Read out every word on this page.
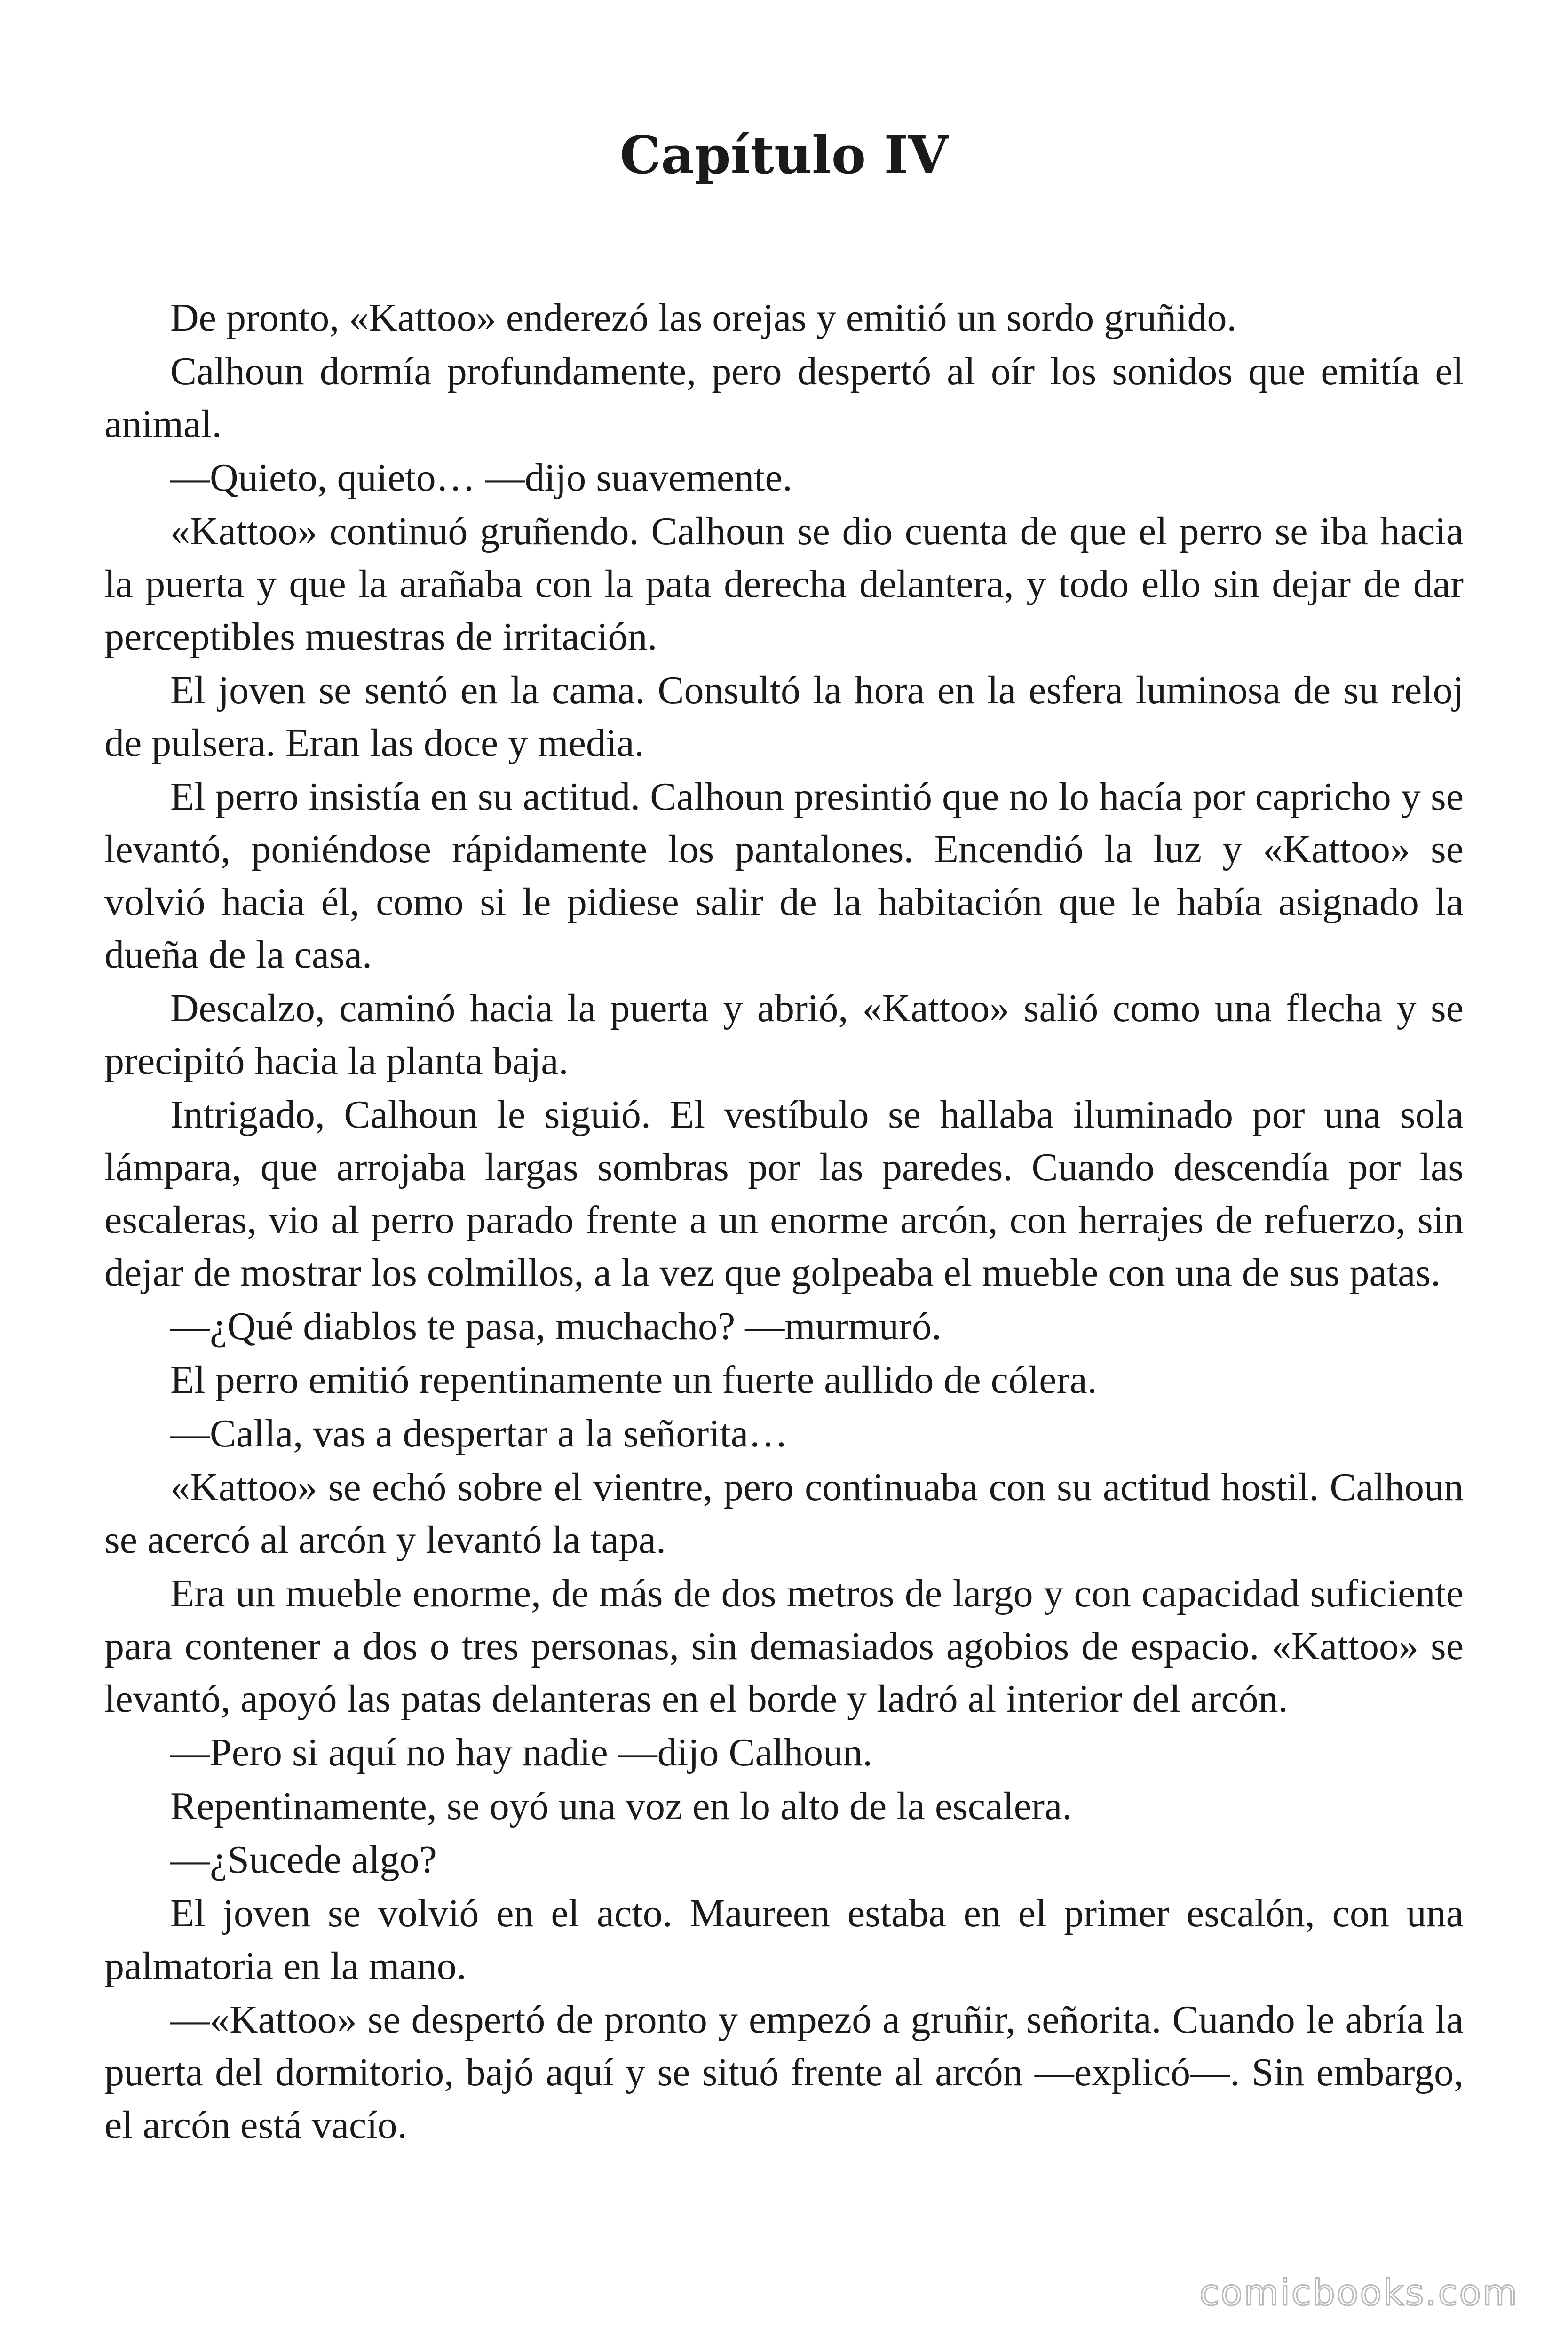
Capítulo IV

De pronto, «Kattoo» enderezó las orejas y emitió un sordo gruñido.

Calhoun dormía profundamente, pero despertó al oír los sonidos que emitía el animal.

—Quieto, quieto… —dijo suavemente.

«Kattoo» continuó gruñendo. Calhoun se dio cuenta de que el perro se iba hacia la puerta y que la arañaba con la pata derecha delantera, y todo ello sin dejar de dar perceptibles muestras de irritación.

El joven se sentó en la cama. Consultó la hora en la esfera luminosa de su reloj de pulsera. Eran las doce y media.

El perro insistía en su actitud. Calhoun presintió que no lo hacía por capricho y se levantó, poniéndose rápidamente los pantalones. Encendió la luz y «Kattoo» se volvió hacia él, como si le pidiese salir de la habitación que le había asignado la dueña de la casa.

Descalzo, caminó hacia la puerta y abrió, «Kattoo» salió como una flecha y se precipitó hacia la planta baja.

Intrigado, Calhoun le siguió. El vestíbulo se hallaba iluminado por una sola lámpara, que arrojaba largas sombras por las paredes. Cuando descendía por las escaleras, vio al perro parado frente a un enorme arcón, con herrajes de refuerzo, sin dejar de mostrar los colmillos, a la vez que golpeaba el mueble con una de sus patas.

—¿Qué diablos te pasa, muchacho? —murmuró.

El perro emitió repentinamente un fuerte aullido de cólera.

—Calla, vas a despertar a la señorita…

«Kattoo» se echó sobre el vientre, pero continuaba con su actitud hostil. Calhoun se acercó al arcón y levantó la tapa.

Era un mueble enorme, de más de dos metros de largo y con capacidad suficiente para contener a dos o tres personas, sin demasiados agobios de espacio. «Kattoo» se levantó, apoyó las patas delanteras en el borde y ladró al interior del arcón.

—Pero si aquí no hay nadie —dijo Calhoun.

Repentinamente, se oyó una voz en lo alto de la escalera.

—¿Sucede algo?

El joven se volvió en el acto. Maureen estaba en el primer escalón, con una palmatoria en la mano.

—«Kattoo» se despertó de pronto y empezó a gruñir, señorita. Cuando le abría la puerta del dormitorio, bajó aquí y se situó frente al arcón —explicó—. Sin embargo, el arcón está vacío.

comicbooks.com
